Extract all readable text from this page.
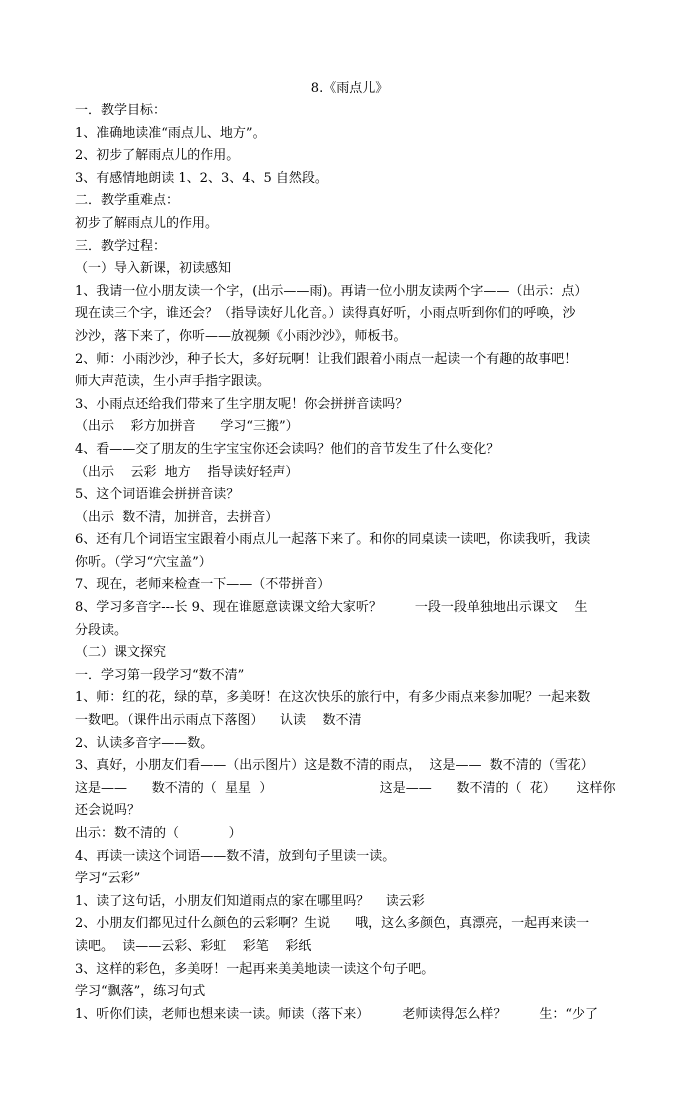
8.《雨点儿》
一．教学目标：
1、准确地读准“雨点儿、地方”。
2、初步了解雨点儿的作用。
3、有感情地朗读 1、2、3、4、5 自然段。
二．教学重难点：
初步了解雨点儿的作用。
三．教学过程：
（一）导入新课，初读感知
1、我请一位小朋友读一个字，(出示——雨)。再请一位小朋友读两个字——（出示：点）
现在读三个字，谁还会？（指导读好儿化音。）读得真好听，小雨点听到你们的呼唤，沙
沙沙，落下来了，你听——放视频《小雨沙沙》，师板书。
2、师：小雨沙沙，种子长大，多好玩啊！让我们跟着小雨点一起读一个有趣的故事吧！
师大声范读，生小声手指字跟读。
3、小雨点还给我们带来了生字朋友呢！你会拼拼音读吗？
（出示    彩方加拼音      学习“三搬”）
4、看——交了朋友的生字宝宝你还会读吗？他们的音节发生了什么变化？
（出示    云彩  地方    指导读好轻声）
5、这个词语谁会拼拼音读？
（出示  数不清，加拼音，去拼音）
6、还有几个词语宝宝跟着小雨点儿一起落下来了。和你的同桌读一读吧，你读我听，我读
你听。（学习“穴宝盖”）
7、现在，老师来检查一下——（不带拼音）
8、学习多音字---长 9、现在谁愿意读课文给大家听？        一段一段单独地出示课文    生
分段读。
（二）课文探究
一．学习第一段学习“数不清”
1、师：红的花，绿的草，多美呀！在这次快乐的旅行中，有多少雨点来参加呢？一起来数
一数吧。（课件出示雨点下落图）    认读    数不清
2、认读多音字——数。
3、真好，小朋友们看——（出示图片）这是数不清的雨点，  这是——  数不清的（雪花）
这是——      数不清的（  星星  ）                          这是——      数不清的（  花）     这样你
还会说吗？
出示：数不清的（            ）
4、再读一读这个词语——数不清，放到句子里读一读。
学习“云彩”
1、读了这句话，小朋友们知道雨点的家在哪里吗？    读云彩
2、小朋友们都见过什么颜色的云彩啊？生说      哦，这么多颜色，真漂亮，一起再来读一
读吧。  读——云彩、彩虹    彩笔    彩纸
3、这样的彩色，多美呀！一起再来美美地读一读这个句子吧。
学习“飘落”，练习句式
1、听你们读，老师也想来读一读。师读（落下来）        老师读得怎么样？        生：“少了
